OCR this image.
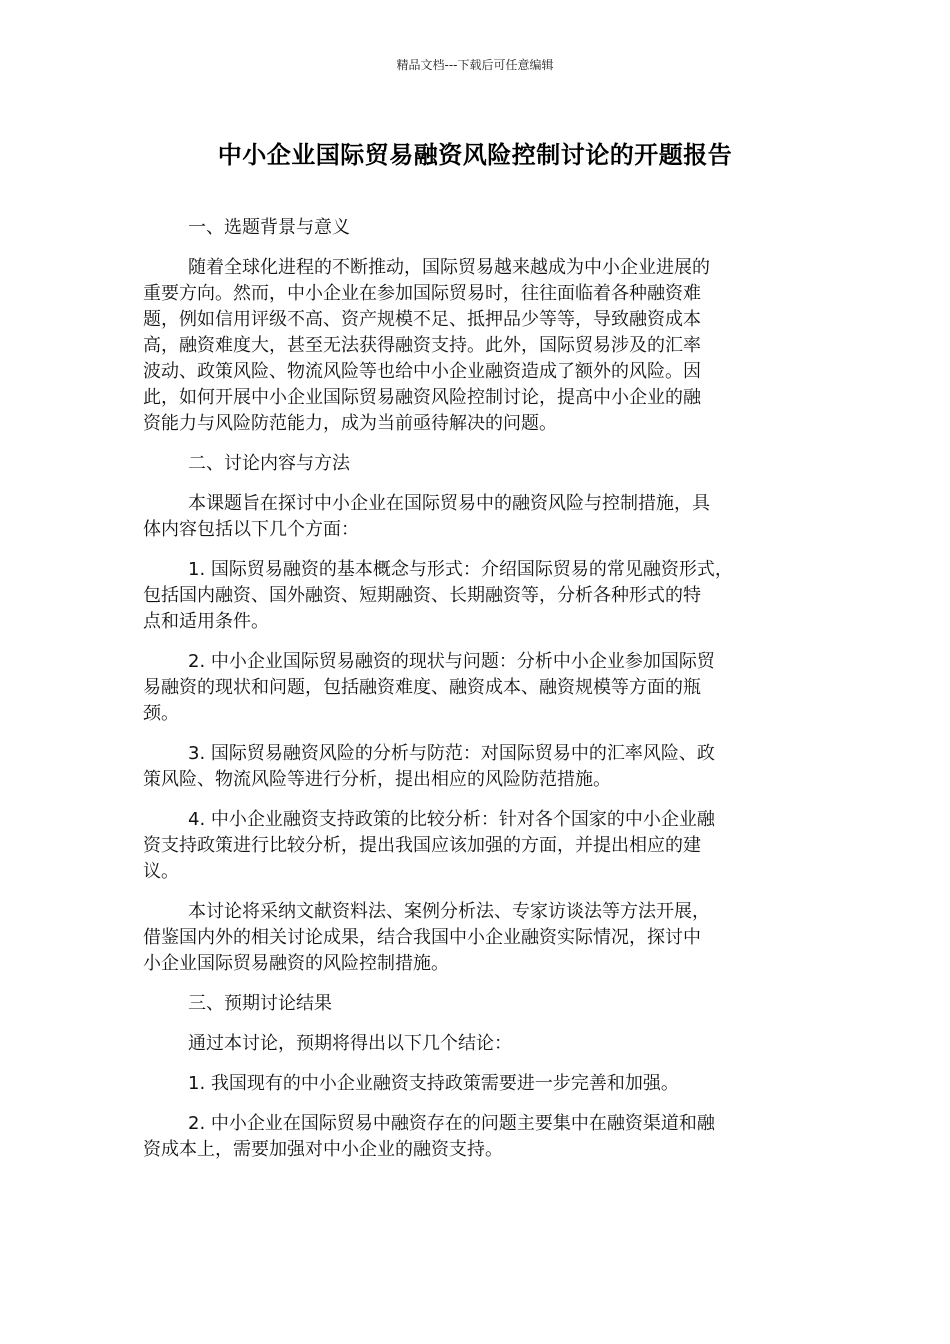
精品文档---下载后可任意编辑
中小企业国际贸易融资风险控制讨论的开题报告

一、选题背景与意义

随着全球化进程的不断推动，国际贸易越来越成为中小企业进展的
重要方向。然而，中小企业在参加国际贸易时，往往面临着各种融资难
题，例如信用评级不高、资产规模不足、抵押品少等等，导致融资成本
高，融资难度大，甚至无法获得融资支持。此外，国际贸易涉及的汇率
波动、政策风险、物流风险等也给中小企业融资造成了额外的风险。因
此，如何开展中小企业国际贸易融资风险控制讨论，提高中小企业的融
资能力与风险防范能力，成为当前亟待解决的问题。

二、讨论内容与方法

本课题旨在探讨中小企业在国际贸易中的融资风险与控制措施，具
体内容包括以下几个方面：

1. 国际贸易融资的基本概念与形式：介绍国际贸易的常见融资形式，
包括国内融资、国外融资、短期融资、长期融资等，分析各种形式的特
点和适用条件。

2. 中小企业国际贸易融资的现状与问题：分析中小企业参加国际贸
易融资的现状和问题，包括融资难度、融资成本、融资规模等方面的瓶
颈。

3. 国际贸易融资风险的分析与防范：对国际贸易中的汇率风险、政
策风险、物流风险等进行分析，提出相应的风险防范措施。

4. 中小企业融资支持政策的比较分析：针对各个国家的中小企业融
资支持政策进行比较分析，提出我国应该加强的方面，并提出相应的建
议。

本讨论将采纳文献资料法、案例分析法、专家访谈法等方法开展，
借鉴国内外的相关讨论成果，结合我国中小企业融资实际情况，探讨中
小企业国际贸易融资的风险控制措施。

三、预期讨论结果

通过本讨论，预期将得出以下几个结论：

1. 我国现有的中小企业融资支持政策需要进一步完善和加强。

2. 中小企业在国际贸易中融资存在的问题主要集中在融资渠道和融
资成本上，需要加强对中小企业的融资支持。
